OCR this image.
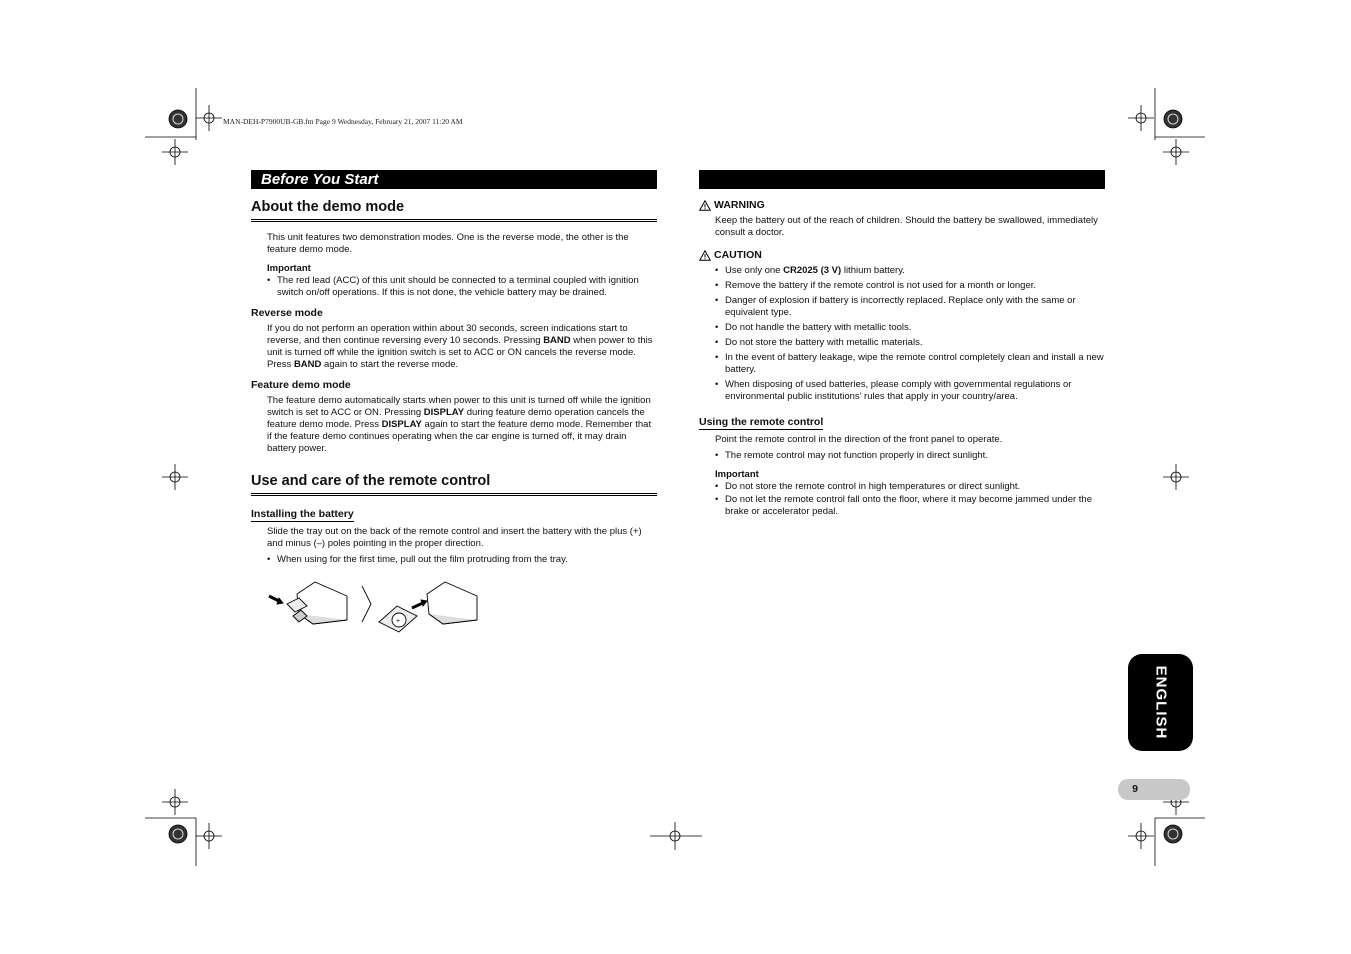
MAN-DEH-P7900UB-GB.fm Page 9 Wednesday, February 21, 2007 11:20 AM
Before You Start
About the demo mode

This unit features two demonstration modes. One is the reverse mode, the other is the feature demo mode.

Important
• The red lead (ACC) of this unit should be connected to a terminal coupled with ignition switch on/off operations. If this is not done, the vehicle battery may be drained.
Reverse mode

If you do not perform an operation within about 30 seconds, screen indications start to reverse, and then continue reversing every 10 seconds. Pressing BAND when power to this unit is turned off while the ignition switch is set to ACC or ON cancels the reverse mode. Press BAND again to start the reverse mode.

Feature demo mode

The feature demo automatically starts when power to this unit is turned off while the ignition switch is set to ACC or ON. Pressing DISPLAY during feature demo operation cancels the feature demo mode. Press DISPLAY again to start the feature demo mode. Remember that if the feature demo continues operating when the car engine is turned off, it may drain battery power.

Use and care of the remote control
Installing the battery

Slide the tray out on the back of the remote control and insert the battery with the plus (+) and minus (–) poles pointing in the proper direction.

• When using for the first time, pull out the film protruding from the tray.
+
WARNING

Keep the battery out of the reach of children. Should the battery be swallowed, immediately consult a doctor.

CAUTION
• Use only one CR2025 (3 V) lithium battery.
• Remove the battery if the remote control is not used for a month or longer.
• Danger of explosion if battery is incorrectly replaced. Replace only with the same or equivalent type.
• Do not handle the battery with metallic tools.
• Do not store the battery with metallic materials.
• In the event of battery leakage, wipe the remote control completely clean and install a new battery.
• When disposing of used batteries, please comply with governmental regulations or environmental public institutions’ rules that apply in your country/area.
Using the remote control

Point the remote control in the direction of the front panel to operate.

• The remote control may not function properly in direct sunlight.
Important
• Do not store the remote control in high temperatures or direct sunlight.
• Do not let the remote control fall onto the floor, where it may become jammed under the brake or accelerator pedal.
ENGLISH
9
